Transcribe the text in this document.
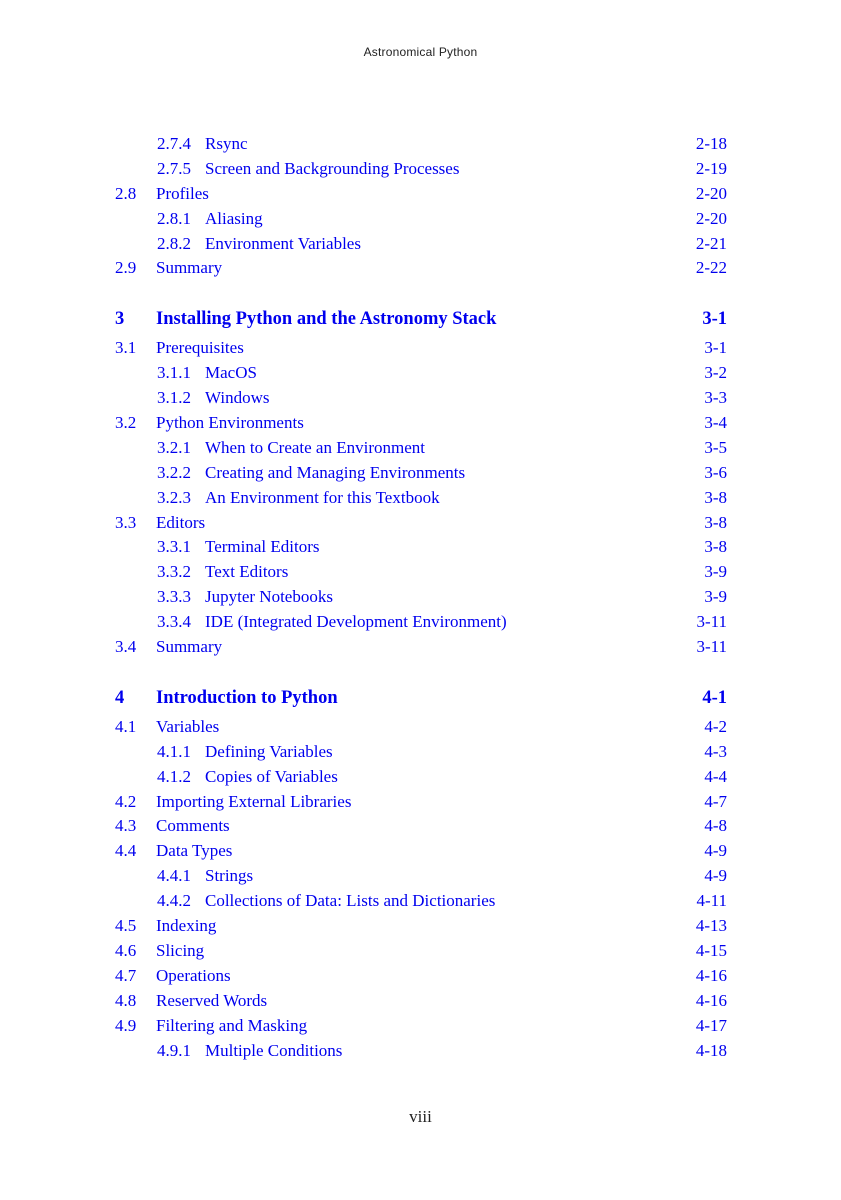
Astronomical Python
2.7.4 Rsync	2-18
2.7.5 Screen and Backgrounding Processes	2-19
2.8 Profiles	2-20
2.8.1 Aliasing	2-20
2.8.2 Environment Variables	2-21
2.9 Summary	2-22
3 Installing Python and the Astronomy Stack	3-1
3.1 Prerequisites	3-1
3.1.1 MacOS	3-2
3.1.2 Windows	3-3
3.2 Python Environments	3-4
3.2.1 When to Create an Environment	3-5
3.2.2 Creating and Managing Environments	3-6
3.2.3 An Environment for this Textbook	3-8
3.3 Editors	3-8
3.3.1 Terminal Editors	3-8
3.3.2 Text Editors	3-9
3.3.3 Jupyter Notebooks	3-9
3.3.4 IDE (Integrated Development Environment)	3-11
3.4 Summary	3-11
4 Introduction to Python	4-1
4.1 Variables	4-2
4.1.1 Defining Variables	4-3
4.1.2 Copies of Variables	4-4
4.2 Importing External Libraries	4-7
4.3 Comments	4-8
4.4 Data Types	4-9
4.4.1 Strings	4-9
4.4.2 Collections of Data: Lists and Dictionaries	4-11
4.5 Indexing	4-13
4.6 Slicing	4-15
4.7 Operations	4-16
4.8 Reserved Words	4-16
4.9 Filtering and Masking	4-17
4.9.1 Multiple Conditions	4-18
viii
